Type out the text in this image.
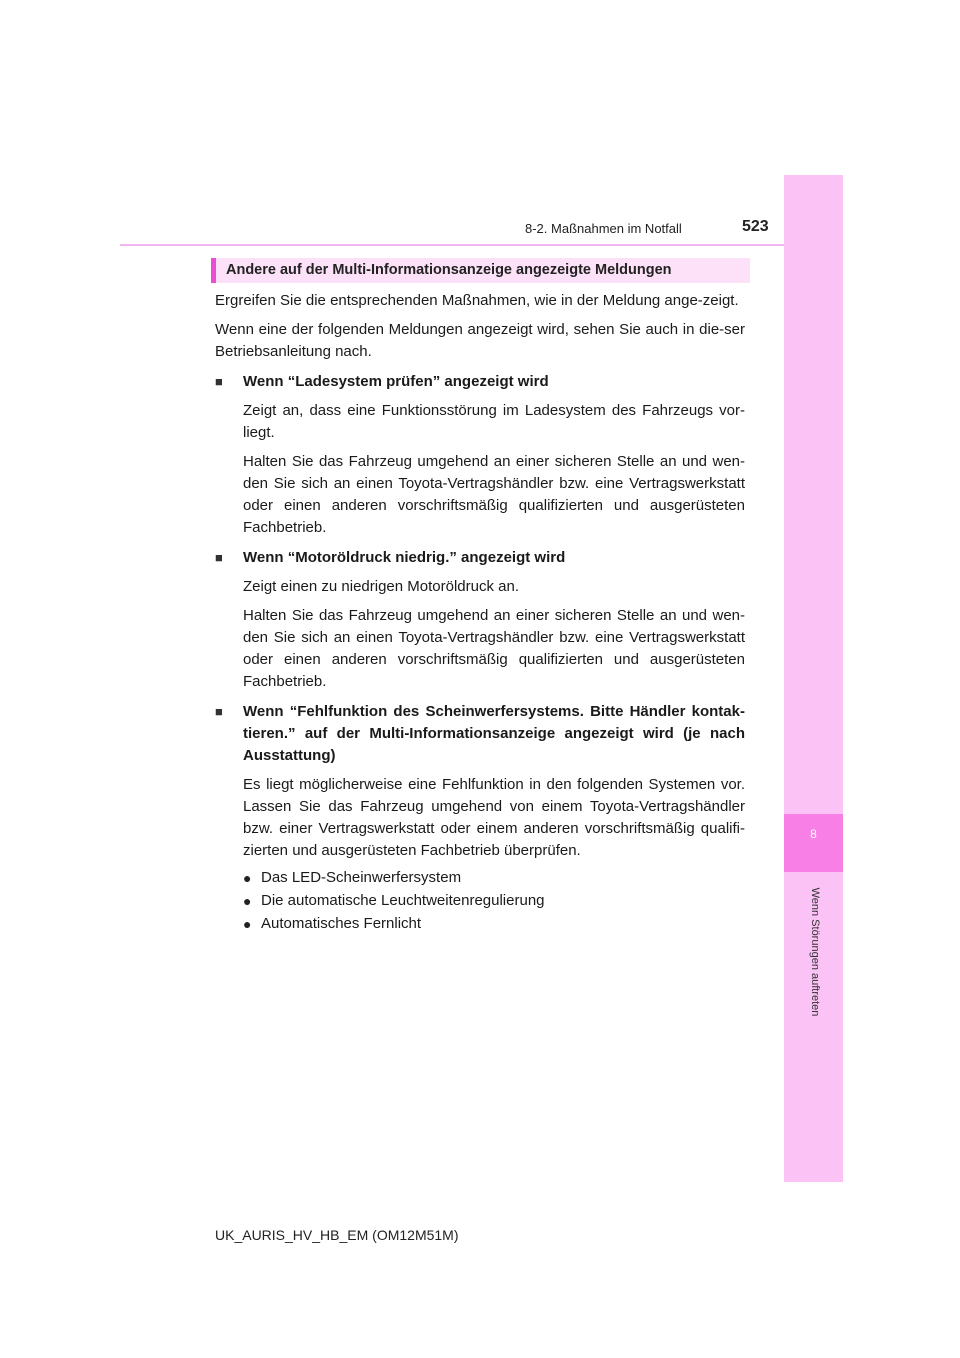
8-2. Maßnahmen im Notfall	523
8
Wenn Störungen auftreten
Andere auf der Multi-Informationsanzeige angezeigte Meldungen

Ergreifen Sie die entsprechenden Maßnahmen, wie in der Meldung ange-zeigt.

Wenn eine der folgenden Meldungen angezeigt wird, sehen Sie auch in die-ser Betriebsanleitung nach.

■	Wenn “Ladesystem prüfen” angezeigt wird

Zeigt an, dass eine Funktionsstörung im Ladesystem des Fahrzeugs vor-liegt.

Halten Sie das Fahrzeug umgehend an einer sicheren Stelle an und wen-den Sie sich an einen Toyota-Vertragshändler bzw. eine Vertragswerkstatt oder einen anderen vorschriftsmäßig qualifizierten und ausgerüsteten Fachbetrieb.

■	Wenn “Motoröldruck niedrig.” angezeigt wird

Zeigt einen zu niedrigen Motoröldruck an.

Halten Sie das Fahrzeug umgehend an einer sicheren Stelle an und wen-den Sie sich an einen Toyota-Vertragshändler bzw. eine Vertragswerkstatt oder einen anderen vorschriftsmäßig qualifizierten und ausgerüsteten Fachbetrieb.

■	Wenn “Fehlfunktion des Scheinwerfersystems. Bitte Händler kontak-tieren.” auf der Multi-Informationsanzeige angezeigt wird (je nach Ausstattung)

Es liegt möglicherweise eine Fehlfunktion in den folgenden Systemen vor. Lassen Sie das Fahrzeug umgehend von einem Toyota-Vertragshändler bzw. einer Vertragswerkstatt oder einem anderen vorschriftsmäßig qualifi-zierten und ausgerüsteten Fachbetrieb überprüfen.

● Das LED-Scheinwerfersystem
● Die automatische Leuchtweitenregulierung
● Automatisches Fernlicht
UK_AURIS_HV_HB_EM (OM12M51M)
